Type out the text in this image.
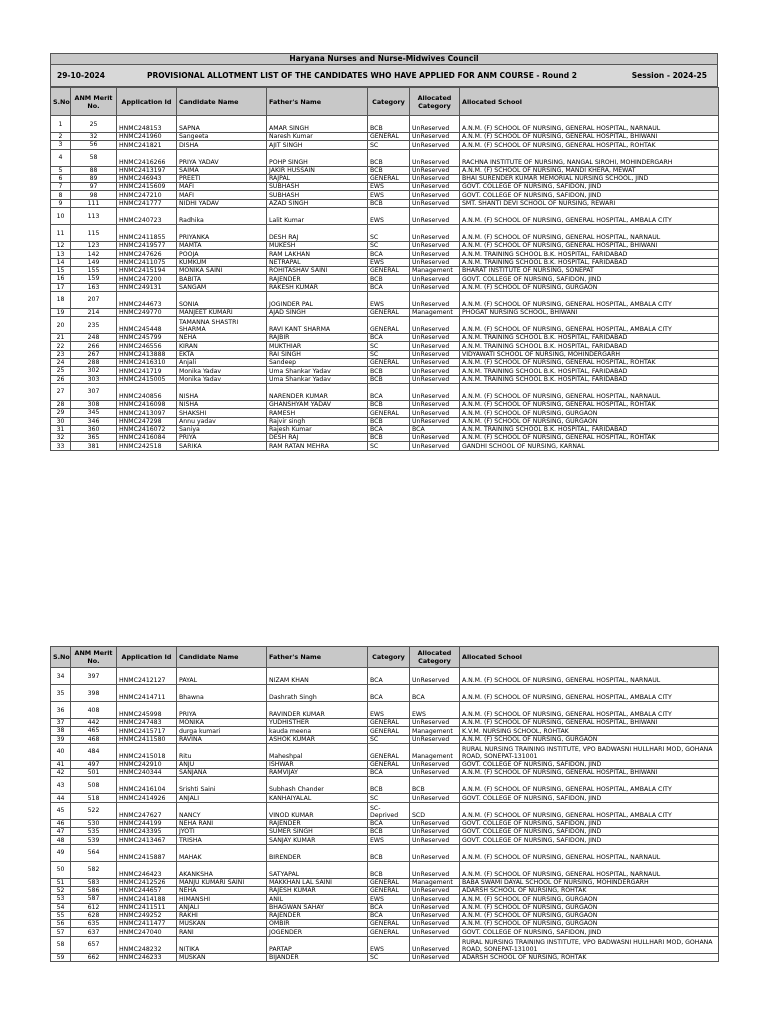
Haryana Nurses and Nurse-Midwives Council
29-10-2024	PROVISIONAL ALLOTMENT LIST OF THE CANDIDATES WHO HAVE APPLIED FOR ANM COURSE - Round 2	Session - 2024-25
S.No	ANM Merit No.	Application Id	Candidate Name	Father's Name	Category	Allocated Category	Allocated School
1	25	HNMC248153	SAPNA	AMAR SINGH	BCB	UnReserved	A.N.M. (F) SCHOOL OF NURSING, GENERAL HOSPITAL, NARNAUL
2	32	HNMC241960	Sangeeta	Naresh Kumar	GENERAL	UnReserved	A.N.M. (F) SCHOOL OF NURSING, GENERAL HOSPITAL, BHIWANI
3	56	HNMC241821	DISHA	AJIT SINGH	SC	UnReserved	A.N.M. (F) SCHOOL OF NURSING, GENERAL HOSPITAL, ROHTAK
4	58	HNMC2416266	PRIYA YADAV	POHP SINGH	BCB	UnReserved	RACHNA INSTITUTE OF NURSING, NANGAL SIROHI, MOHINDERGARH
5	88	HNMC2413197	SAIMA	JAKIR HUSSAIN	BCB	UnReserved	A.N.M. (F) SCHOOL OF NURSING, MANDI KHERA, MEWAT
6	89	HNMC246943	PREETI	RAJPAL	GENERAL	UnReserved	BHAI SURENDER KUMAR MEMORIAL NURSING SCHOOL, JIND
7	97	HNMC2415609	MAFI	SUBHASH	EWS	UnReserved	GOVT. COLLEGE OF NURSING, SAFIDON, JIND
8	98	HNMC247210	MAFI	SUBHASH	EWS	UnReserved	GOVT. COLLEGE OF NURSING, SAFIDON, JIND
9	111	HNMC241777	NIDHI YADAV	AZAD SINGH	BCB	UnReserved	SMT. SHANTI DEVI SCHOOL OF NURSING, REWARI
10	113	HNMC240723	Radhika	Lalit Kumar	EWS	UnReserved	A.N.M. (F) SCHOOL OF NURSING, GENERAL HOSPITAL, AMBALA CITY
11	115	HNMC2411855	PRIYANKA	DESH RAJ	SC	UnReserved	A.N.M. (F) SCHOOL OF NURSING, GENERAL HOSPITAL, NARNAUL
12	123	HNMC2419577	MAMTA	MUKESH	SC	UnReserved	A.N.M. (F) SCHOOL OF NURSING, GENERAL HOSPITAL, BHIWANI
13	142	HNMC247626	POOJA	RAM LAKHAN	BCA	UnReserved	A.N.M. TRAINING SCHOOL B.K. HOSPITAL, FARIDABAD
14	149	HNMC2411075	KUMKUM	NETRAPAL	EWS	UnReserved	A.N.M. TRAINING SCHOOL B.K. HOSPITAL, FARIDABAD
15	155	HNMC2415194	MONIKA SAINI	ROHITASHAV SAINI	GENERAL	Management	BHARAT INSTITUTE OF NURSING, SONEPAT
16	159	HNMC247200	BABITA	RAJENDER	BCB	UnReserved	GOVT. COLLEGE OF NURSING, SAFIDON, JIND
17	163	HNMC249131	SANGAM	RAKESH KUMAR	BCA	UnReserved	A.N.M. (F) SCHOOL OF NURSING, GURGAON
18	207	HNMC244673	SONIA	JOGINDER PAL	EWS	UnReserved	A.N.M. (F) SCHOOL OF NURSING, GENERAL HOSPITAL, AMBALA CITY
19	214	HNMC249770	MANJEET KUMARI	AJAD SINGH	GENERAL	Management	PHOGAT NURSING SCHOOL, BHIWANI
20	235	HNMC245448	TAMANNA SHASTRI SHARMA	RAVI KANT SHARMA	GENERAL	UnReserved	A.N.M. (F) SCHOOL OF NURSING, GENERAL HOSPITAL, AMBALA CITY
21	248	HNMC245799	NEHA	RAJBIR	BCA	UnReserved	A.N.M. TRAINING SCHOOL B.K. HOSPITAL, FARIDABAD
22	266	HNMC246556	KIRAN	MUKTHIAR	SC	UnReserved	A.N.M. TRAINING SCHOOL B.K. HOSPITAL, FARIDABAD
23	267	HNMC2413888	EKTA	RAI SINGH	SC	UnReserved	VIDYAWATI SCHOOL OF NURSING, MOHINDERGARH
24	288	HNMC2416310	Anjali	Sandeep	GENERAL	UnReserved	A.N.M. (F) SCHOOL OF NURSING, GENERAL HOSPITAL, ROHTAK
25	302	HNMC241719	Monika Yadav	Uma Shankar Yadav	BCB	UnReserved	A.N.M. TRAINING SCHOOL B.K. HOSPITAL, FARIDABAD
26	303	HNMC2415005	Monika Yadav	Uma Shankar Yadav	BCB	UnReserved	A.N.M. TRAINING SCHOOL B.K. HOSPITAL, FARIDABAD
27	307	HNMC240856	NISHA	NARENDER KUMAR	BCA	UnReserved	A.N.M. (F) SCHOOL OF NURSING, GENERAL HOSPITAL, NARNAUL
28	308	HNMC2416098	NISHA	GHANSHYAM YADAV	BCB	UnReserved	A.N.M. (F) SCHOOL OF NURSING, GENERAL HOSPITAL, ROHTAK
29	345	HNMC2413097	SHAKSHI	RAMESH	GENERAL	UnReserved	A.N.M. (F) SCHOOL OF NURSING, GURGAON
30	346	HNMC247298	Annu yadav	Rajvir singh	BCB	UnReserved	A.N.M. (F) SCHOOL OF NURSING, GURGAON
31	360	HNMC2416072	Saniya	Rajesh Kumar	BCA	BCA	A.N.M. TRAINING SCHOOL B.K. HOSPITAL, FARIDABAD
32	365	HNMC2416084	PRIYA	DESH RAJ	BCB	UnReserved	A.N.M. (F) SCHOOL OF NURSING, GENERAL HOSPITAL, ROHTAK
33	381	HNMC242518	SARIKA	RAM RATAN MEHRA	SC	UnReserved	GANDHI SCHOOL OF NURSING, KARNAL
S.No	ANM Merit No.	Application Id	Candidate Name	Father's Name	Category	Allocated Category	Allocated School
34	397	HNMC2412127	PAYAL	NIZAM KHAN	BCA	UnReserved	A.N.M. (F) SCHOOL OF NURSING, GENERAL HOSPITAL, NARNAUL
35	398	HNMC2414711	Bhawna	Dashrath Singh	BCA	BCA	A.N.M. (F) SCHOOL OF NURSING, GENERAL HOSPITAL, AMBALA CITY
36	408	HNMC245998	PRIYA	RAVINDER KUMAR	EWS	EWS	A.N.M. (F) SCHOOL OF NURSING, GENERAL HOSPITAL, AMBALA CITY
37	442	HNMC247483	MONIKA	YUDHISTHER	GENERAL	UnReserved	A.N.M. (F) SCHOOL OF NURSING, GENERAL HOSPITAL, BHIWANI
38	465	HNMC2415717	durga kumari	kauda meena	GENERAL	Management	K.V.M. NURSING SCHOOL, ROHTAK
39	468	HNMC2411580	RAVINA	ASHOK KUMAR	SC	UnReserved	A.N.M. (F) SCHOOL OF NURSING, GURGAON
40	484	HNMC2415018	Ritu	Maheshpal	GENERAL	Management	RURAL NURSING TRAINING INSTITUTE, VPO BADWASNI HULLHARI MOD, GOHANA ROAD, SONEPAT-131001
41	497	HNMC242910	ANJU	ISHWAR	GENERAL	UnReserved	GOVT. COLLEGE OF NURSING, SAFIDON, JIND
42	501	HNMC240344	SANJANA	RAMVIJAY	BCA	UnReserved	A.N.M. (F) SCHOOL OF NURSING, GENERAL HOSPITAL, BHIWANI
43	508	HNMC2416104	Srishti Saini	Subhash Chander	BCB	BCB	A.N.M. (F) SCHOOL OF NURSING, GENERAL HOSPITAL, AMBALA CITY
44	518	HNMC2414926	ANJALI	KANHAIYALAL	SC	UnReserved	GOVT. COLLEGE OF NURSING, SAFIDON, JIND
45	522	HNMC247627	NANCY	VINOD KUMAR	SC-Deprived	SCD	A.N.M. (F) SCHOOL OF NURSING, GENERAL HOSPITAL, AMBALA CITY
46	530	HNMC244199	NEHA RANI	RAJENDER	BCA	UnReserved	GOVT. COLLEGE OF NURSING, SAFIDON, JIND
47	535	HNMC243395	JYOTI	SUMER SINGH	BCB	UnReserved	GOVT. COLLEGE OF NURSING, SAFIDON, JIND
48	539	HNMC2413467	TRISHA	SANJAY KUMAR	EWS	UnReserved	GOVT. COLLEGE OF NURSING, SAFIDON, JIND
49	564	HNMC2415887	MAHAK	BIRENDER	BCB	UnReserved	A.N.M. (F) SCHOOL OF NURSING, GENERAL HOSPITAL, NARNAUL
50	582	HNMC246423	AKANKSHA	SATYAPAL	BCB	UnReserved	A.N.M. (F) SCHOOL OF NURSING, GENERAL HOSPITAL, NARNAUL
51	583	HNMC2412526	MANJU KUMARI SAINI	MAKKHAN LAL SAINI	GENERAL	Management	BABA SWAMI DAYAL SCHOOL OF NURSING, MOHINDERGARH
52	586	HNMC244657	NEHA	RAJESH KUMAR	GENERAL	UnReserved	ADARSH SCHOOL OF NURSING, ROHTAK
53	587	HNMC2414188	HIMANSHI	ANIL	EWS	UnReserved	A.N.M. (F) SCHOOL OF NURSING, GURGAON
54	612	HNMC2411511	ANJALI	BHAGWAN SAHAY	BCA	UnReserved	A.N.M. (F) SCHOOL OF NURSING, GURGAON
55	628	HNMC249252	RAKHI	RAJENDER	BCA	UnReserved	A.N.M. (F) SCHOOL OF NURSING, GURGAON
56	635	HNMC2411477	MUSKAN	OMBIR	GENERAL	UnReserved	A.N.M. (F) SCHOOL OF NURSING, GURGAON
57	637	HNMC247040	RANI	JOGENDER	GENERAL	UnReserved	GOVT. COLLEGE OF NURSING, SAFIDON, JIND
58	657	HNMC248232	NITIKA	PARTAP	EWS	UnReserved	RURAL NURSING TRAINING INSTITUTE, VPO BADWASNI HULLHARI MOD, GOHANA ROAD, SONEPAT-131001
59	662	HNMC246233	MUSKAN	BIJANDER	SC	UnReserved	ADARSH SCHOOL OF NURSING, ROHTAK
